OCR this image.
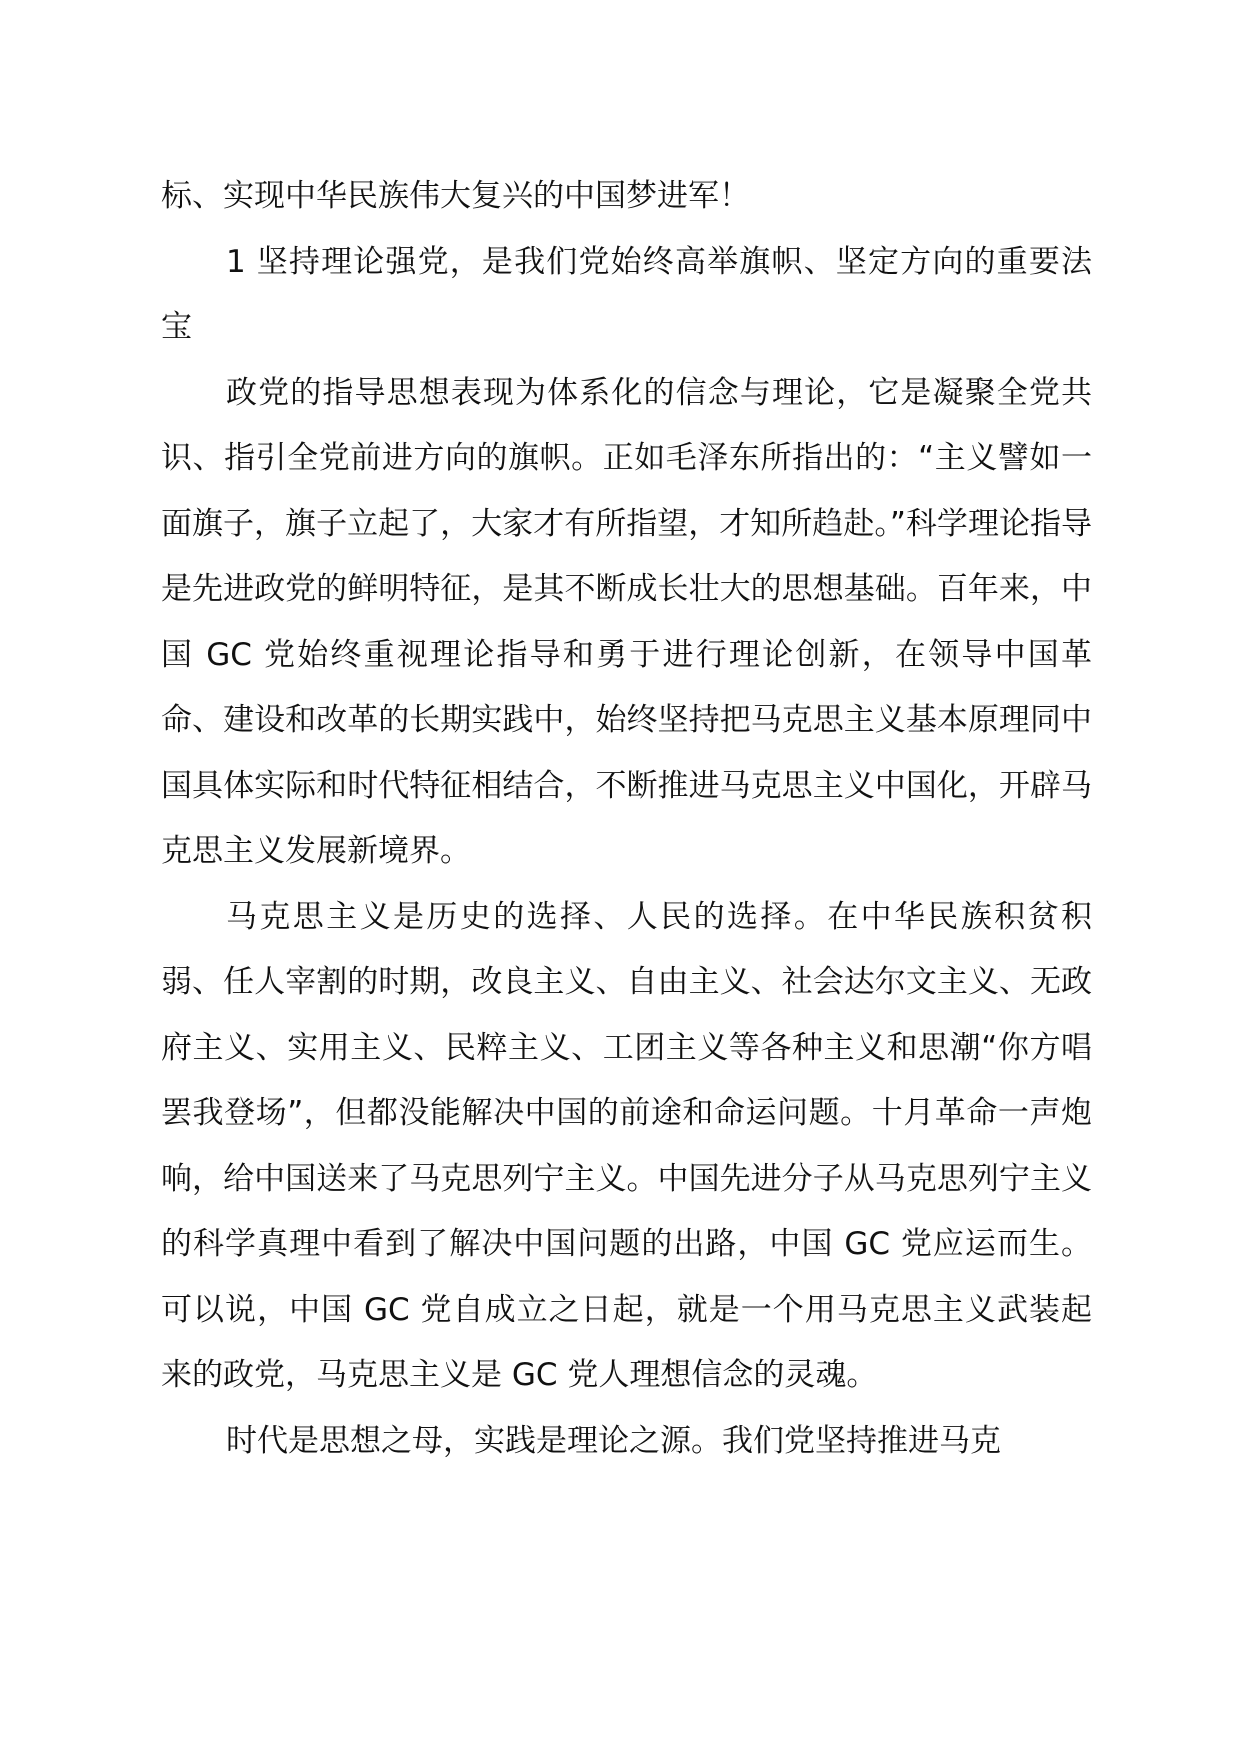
标、实现中华民族伟大复兴的中国梦进军！

1 坚持理论强党，是我们党始终高举旗帜、坚定方向的重要法宝

政党的指导思想表现为体系化的信念与理论，它是凝聚全党共识、指引全党前进方向的旗帜。正如毛泽东所指出的：“主义譬如一面旗子，旗子立起了，大家才有所指望，才知所趋赴。”科学理论指导是先进政党的鲜明特征，是其不断成长壮大的思想基础。百年来，中国 GC 党始终重视理论指导和勇于进行理论创新，在领导中国革命、建设和改革的长期实践中，始终坚持把马克思主义基本原理同中国具体实际和时代特征相结合，不断推进马克思主义中国化，开辟马克思主义发展新境界。

马克思主义是历史的选择、人民的选择。在中华民族积贫积弱、任人宰割的时期，改良主义、自由主义、社会达尔文主义、无政府主义、实用主义、民粹主义、工团主义等各种主义和思潮“你方唱罢我登场”，但都没能解决中国的前途和命运问题。十月革命一声炮响，给中国送来了马克思列宁主义。中国先进分子从马克思列宁主义的科学真理中看到了解决中国问题的出路，中国 GC 党应运而生。可以说，中国 GC 党自成立之日起，就是一个用马克思主义武装起来的政党，马克思主义是 GC 党人理想信念的灵魂。

时代是思想之母，实践是理论之源。我们党坚持推进马克
